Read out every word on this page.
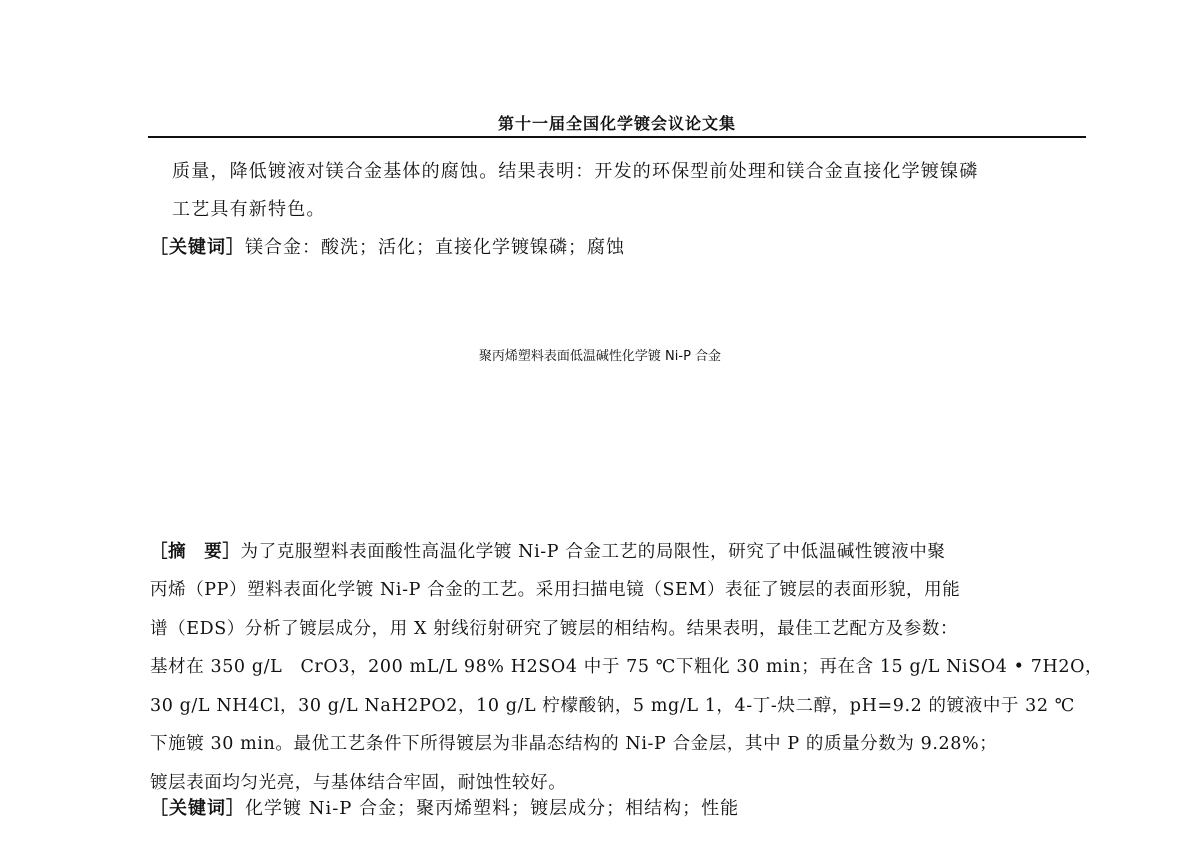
第十一届全国化学镀会议论文集
质量，降低镀液对镁合金基体的腐蚀。结果表明：开发的环保型前处理和镁合金直接化学镀镍磷
工艺具有新特色。
［关键词］镁合金：酸洗；活化；直接化学镀镍磷；腐蚀
聚丙烯塑料表面低温碱性化学镀 Ni-P 合金
［摘　要］为了克服塑料表面酸性高温化学镀 Ni-P 合金工艺的局限性，研究了中低温碱性镀液中聚
丙烯（PP）塑料表面化学镀 Ni-P 合金的工艺。采用扫描电镜（SEM）表征了镀层的表面形貌，用能
谱（EDS）分析了镀层成分，用 X 射线衍射研究了镀层的相结构。结果表明，最佳工艺配方及参数：
基材在 350 g/L　CrO3，200 mL/L 98% H2SO4 中于 75 ℃下粗化 30 min；再在含 15 g/L NiSO4 • 7H2O，
30 g/L NH4Cl，30 g/L NaH2PO2，10 g/L 柠檬酸钠，5 mg/L 1，4-丁-炔二醇，pH=9.2 的镀液中于 32 ℃
下施镀 30 min。最优工艺条件下所得镀层为非晶态结构的 Ni-P 合金层，其中 P 的质量分数为 9.28%；
镀层表面均匀光亮，与基体结合牢固，耐蚀性较好。
［关键词］化学镀 Ni-P 合金；聚丙烯塑料；镀层成分；相结构；性能
